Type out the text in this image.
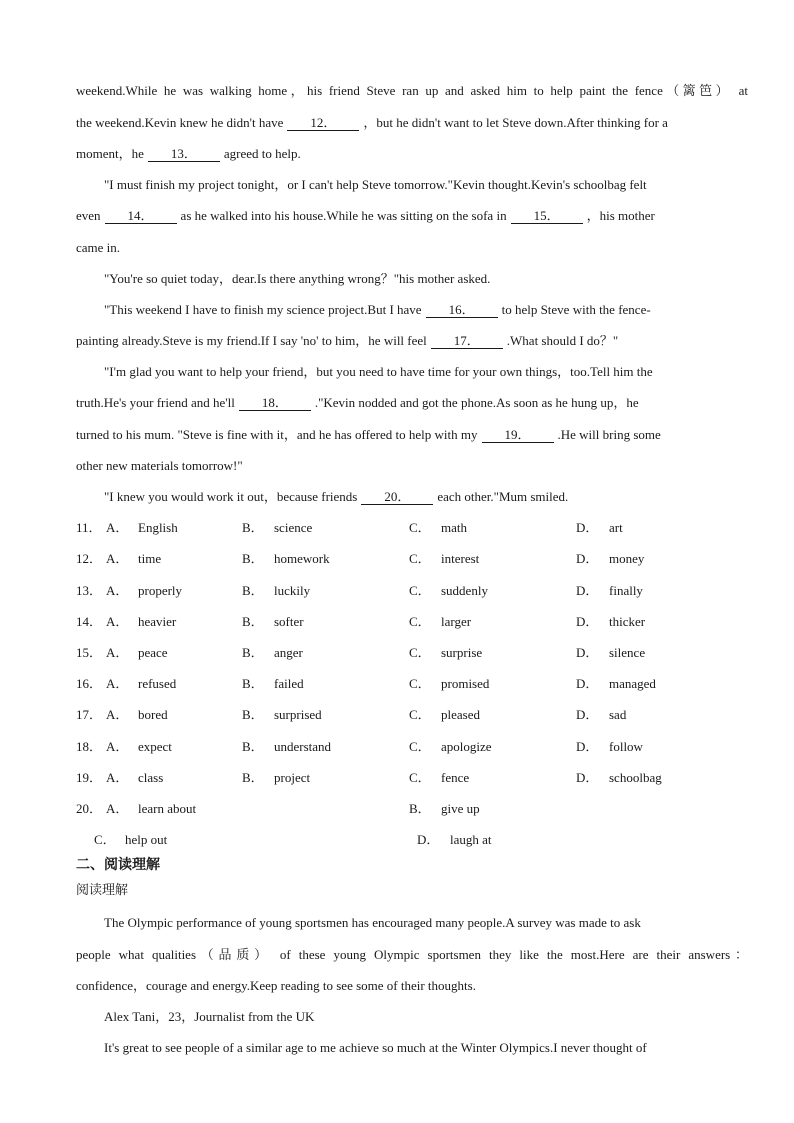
weekend.While he was walking home，his friend Steve ran up and asked him to help paint the fence（篱笆） at
the weekend.Kevin knew he didn't have 12． ，but he didn't want to let Steve down.After thinking for a
moment，he 13． agreed to help.
"I must finish my project tonight，or I can't help Steve tomorrow."Kevin thought.Kevin's schoolbag felt
even 14． as he walked into his house.While he was sitting on the sofa in 15． ，his mother
came in.
"You're so quiet today，dear.Is there anything wrong？"his mother asked.
"This weekend I have to finish my science project.But I have 16． to help Steve with the fence-
painting already.Steve is my friend.If I say 'no' to him，he will feel 17． .What should I do？"
"I'm glad you want to help your friend，but you need to have time for your own things，too.Tell him the
truth.He's your friend and he'll 18． ."Kevin nodded and got the phone.As soon as he hung up，he
turned to his mum. "Steve is fine with it，and he has offered to help with my 19． .He will bring some
other new materials tomorrow!"
"I knew you would work it out，because friends 20． each other."Mum smiled.
11． A． English	B． science	C． math	D． art
12． A． time	B． homework	C． interest	D． money
13． A． properly	B． luckily	C． suddenly	D． finally
14． A． heavier	B． softer	C． larger	D． thicker
15． A． peace	B． anger	C． surprise	D． silence
16． A． refused	B． failed	C． promised	D． managed
17． A． bored	B． surprised	C． pleased	D． sad
18． A． expect	B． understand	C． apologize	D． follow
19． A． class	B． project	C． fence	D． schoolbag
20． A． learn about	B． give up
C． help out	D． laugh at
二、阅读理解
阅读理解
The Olympic performance of young sportsmen has encouraged many people.A survey was made to ask
people what qualities（品质） of these young Olympic sportsmen they like the most.Here are their answers：
confidence，courage and energy.Keep reading to see some of their thoughts.
Alex Tani，23，Journalist from the UK
It's great to see people of a similar age to me achieve so much at the Winter Olympics.I never thought of
